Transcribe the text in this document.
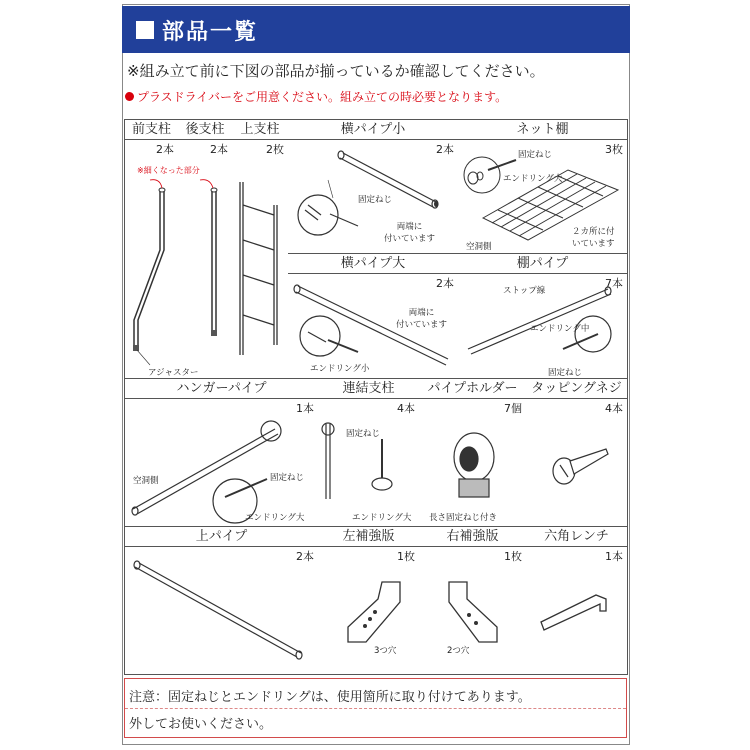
部品一覧
※組み立て前に下図の部品が揃っているか確認してください。
プラスドライバーをご用意ください。組み立ての時必要となります。
前支柱
2本
後支柱
2本
※細くなった部分
アジャスター
上支柱
2枚
横パイプ小
2本
固定ねじ
両端に
付いています
ネット棚
3枚
固定ねじ
エンドリング大
空洞側
２カ所に付
いています
横パイプ大
2本
両端に
付いています
エンドリング小
棚パイプ
7本
ストップ線
エンドリング中
固定ねじ
ハンガーパイプ
1本
空洞側	固定ねじ
エンドリング大
連結支柱
4本
固定ねじ
エンドリング大
パイプホルダー
7個
長さ固定ねじ付き
タッピングネジ
4本
上パイプ
2本
左補強版
1枚
3つ穴
右補強版
1枚
2つ穴
六角レンチ
1本
注意：固定ねじとエンドリングは、使用箇所に取り付けてあります。
外してお使いください。
